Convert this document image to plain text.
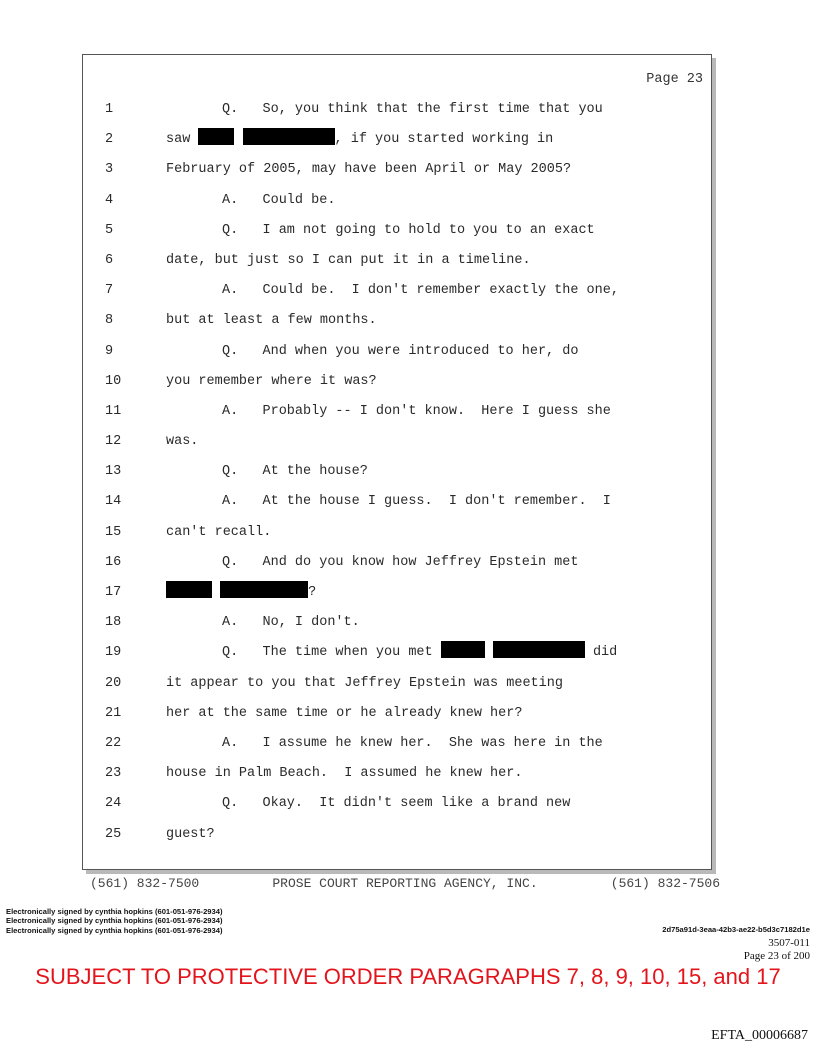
Page 23
1	Q.   So, you think that the first time that you
2	saw	, if you started working in
3	February of 2005, may have been April or May 2005?
4	A.   Could be.
5	Q.   I am not going to hold to you to an exact
6	date, but just so I can put it in a timeline.
7	A.   Could be.  I don't remember exactly the one,
8	but at least a few months.
9	Q.   And when you were introduced to her, do
10	you remember where it was?
11	A.   Probably -- I don't know.  Here I guess she
12	was.
13	Q.   At the house?
14	A.   At the house I guess.  I don't remember.  I
15	can't recall.
16	Q.   And do you know how Jeffrey Epstein met
17	?
18	A.   No, I don't.
19	Q.   The time when you met	did
20	it appear to you that Jeffrey Epstein was meeting
21	her at the same time or he already knew her?
22	A.   I assume he knew her.  She was here in the
23	house in Palm Beach.  I assumed he knew her.
24	Q.   Okay.  It didn't seem like a brand new
25	guest?
(561) 832-7500	PROSE COURT REPORTING AGENCY, INC.	(561) 832-7506
Electronically signed by cynthia hopkins (601-051-976-2934)
Electronically signed by cynthia hopkins (601-051-976-2934)
Electronically signed by cynthia hopkins (601-051-976-2934)	2d75a91d-3eaa-42b3-ae22-b5d3c7182d1e
3507-011
Page 23 of 200
SUBJECT TO PROTECTIVE ORDER PARAGRAPHS 7, 8, 9, 10, 15, and 17
EFTA_00006687
